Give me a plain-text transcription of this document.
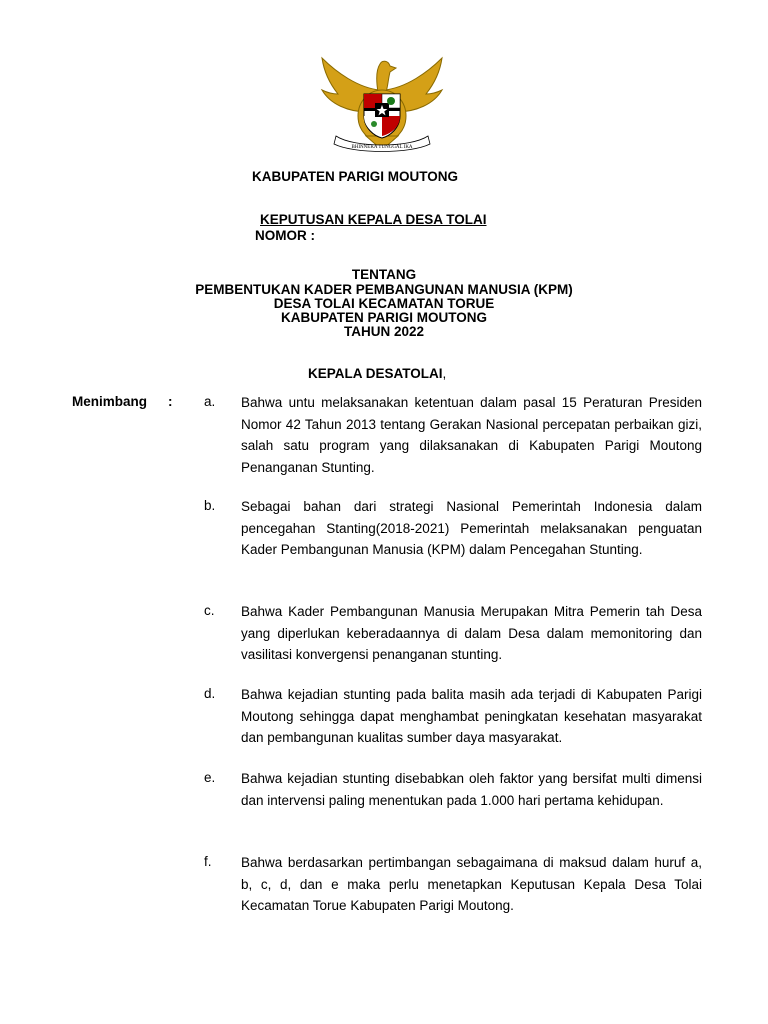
BHINNEKA TUNGGAL IKA
KABUPATEN PARIGI MOUTONG
KEPUTUSAN KEPALA DESA TOLAI
NOMOR :
TENTANG
PEMBENTUKAN KADER PEMBANGUNAN MANUSIA (KPM)
DESA TOLAI KECAMATAN TORUE
KABUPATEN PARIGI MOUTONG
TAHUN 2022
KEPALA DESATOLAI,
Menimbang : a. Bahwa untu melaksanakan ketentuan dalam pasal 15 Peraturan Presiden Nomor 42 Tahun 2013 tentang Gerakan Nasional percepatan perbaikan gizi, salah satu program yang dilaksanakan di Kabupaten Parigi Moutong Penanganan Stunting.
b. Sebagai bahan dari strategi Nasional Pemerintah Indonesia dalam pencegahan Stanting(2018-2021) Pemerintah melaksanakan penguatan Kader Pembangunan Manusia (KPM) dalam Pencegahan Stunting.
c. Bahwa Kader Pembangunan Manusia Merupakan Mitra Pemerin tah Desa yang diperlukan keberadaannya di dalam Desa dalam memonitoring dan vasilitasi konvergensi penanganan stunting.
d. Bahwa kejadian stunting pada balita masih ada terjadi di Kabupaten Parigi Moutong sehingga dapat menghambat peningkatan kesehatan masyarakat dan pembangunan kualitas sumber daya masyarakat.
e. Bahwa kejadian stunting disebabkan oleh faktor yang bersifat multi dimensi dan intervensi paling menentukan pada 1.000 hari pertama kehidupan.
f. Bahwa berdasarkan pertimbangan sebagaimana di maksud dalam huruf a, b, c, d, dan e maka perlu menetapkan Keputusan Kepala Desa Tolai Kecamatan Torue Kabupaten Parigi Moutong.
